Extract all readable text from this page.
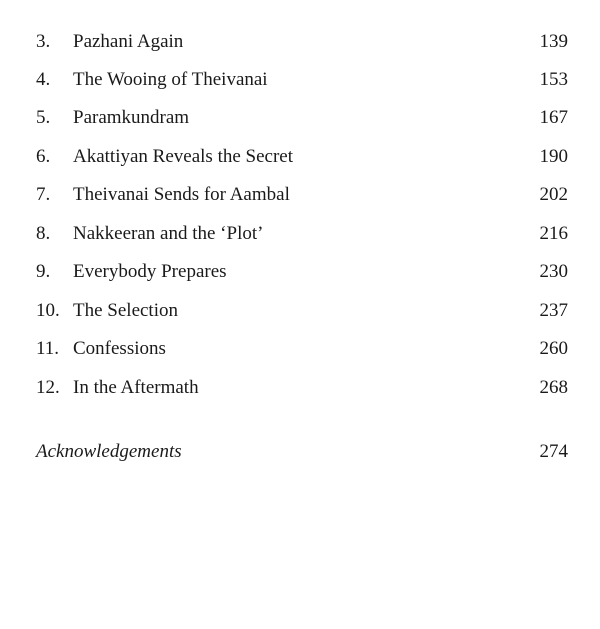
3.	Pazhani Again	139
4.	The Wooing of Theivanai	153
5.	Paramkundram	167
6.	Akattiyan Reveals the Secret	190
7.	Theivanai Sends for Aambal	202
8.	Nakkeeran and the ‘Plot’	216
9.	Everybody Prepares	230
10. The Selection	237
11. Confessions	260
12. In the Aftermath	268
Acknowledgements	274
